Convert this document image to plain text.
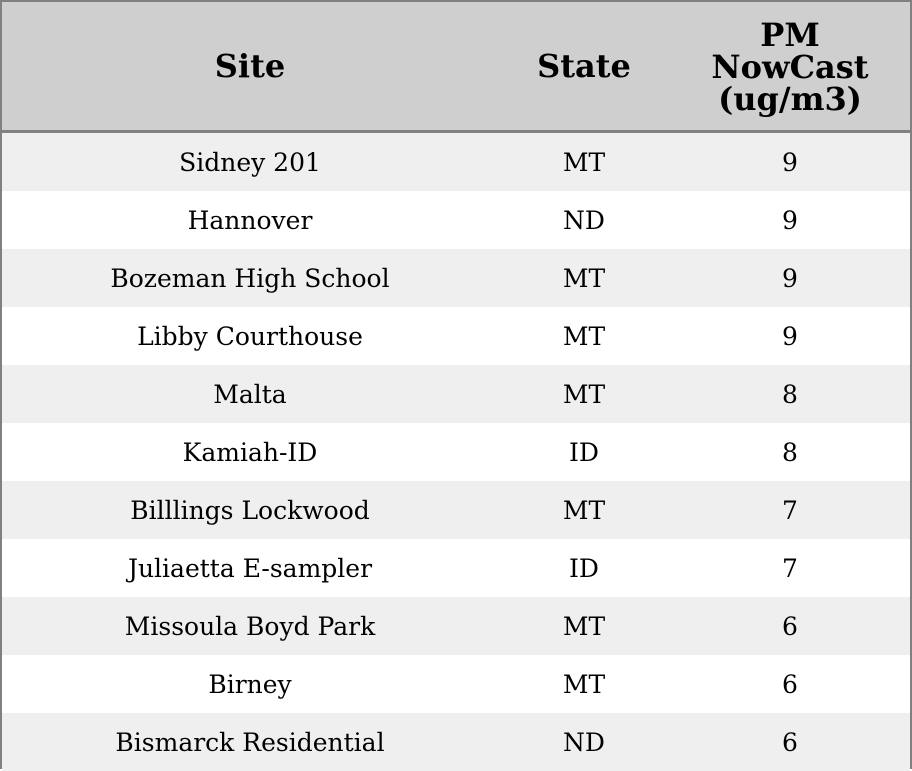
Site	State	PM
NowCast
(ug/m3)

Sidney 201	MT	9
Hannover	ND	9
Bozeman High School	MT	9
Libby Courthouse	MT	9
Malta	MT	8
Kamiah-ID	ID	8
Billlings Lockwood	MT	7
Juliaetta E-sampler	ID	7
Missoula Boyd Park	MT	6
Birney	MT	6
Bismarck Residential	ND	6
